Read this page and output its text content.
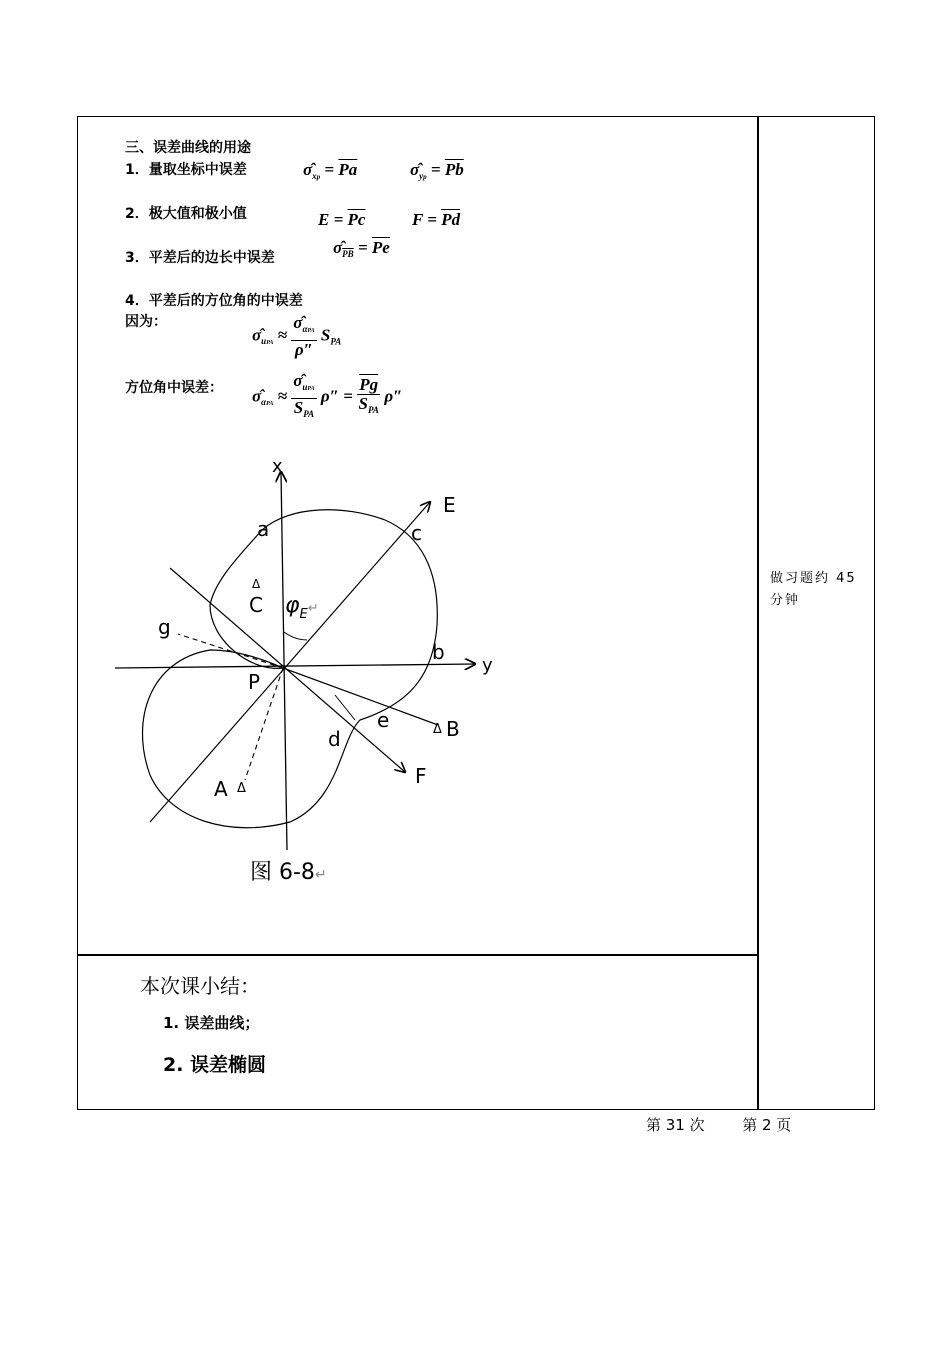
三、误差曲线的用途
1．量取坐标中误差	$\sigmâ_{xp} = \overline{Pa}$	$\sigmâ_{yp} = \overline{Pb}$
2．极大值和极小值	$E = \overline{Pc}$	$F = \overline{Pd}$
3．平差后的边长中误差
$\sigmâ_{\overline{PB}} = \overline{Pe}$
4．平差后的方位角的中误差
因为：
$\sigmâ_{uPA} \approx \frac{\sigmâ_{\alpha PA}}{\rho''} S_{PA}$
方位角中误差： $\sigmâ_{\alpha PA} \approx \frac{\sigmâ_{uPA}}{S_{PA}} \rho'' = \frac{\overline{Pg}}{S_{PA}} \rho''$
x
y
E
F
a
b
c
d
e
g
P
Δ
C
A Δ
Δ B
$\varphi_E^↵$
图 6-8↵
做习题约 45 分钟
本次课小结：
1. 误差曲线；
2. 误差椭圆
第 31 次	第 2 页
